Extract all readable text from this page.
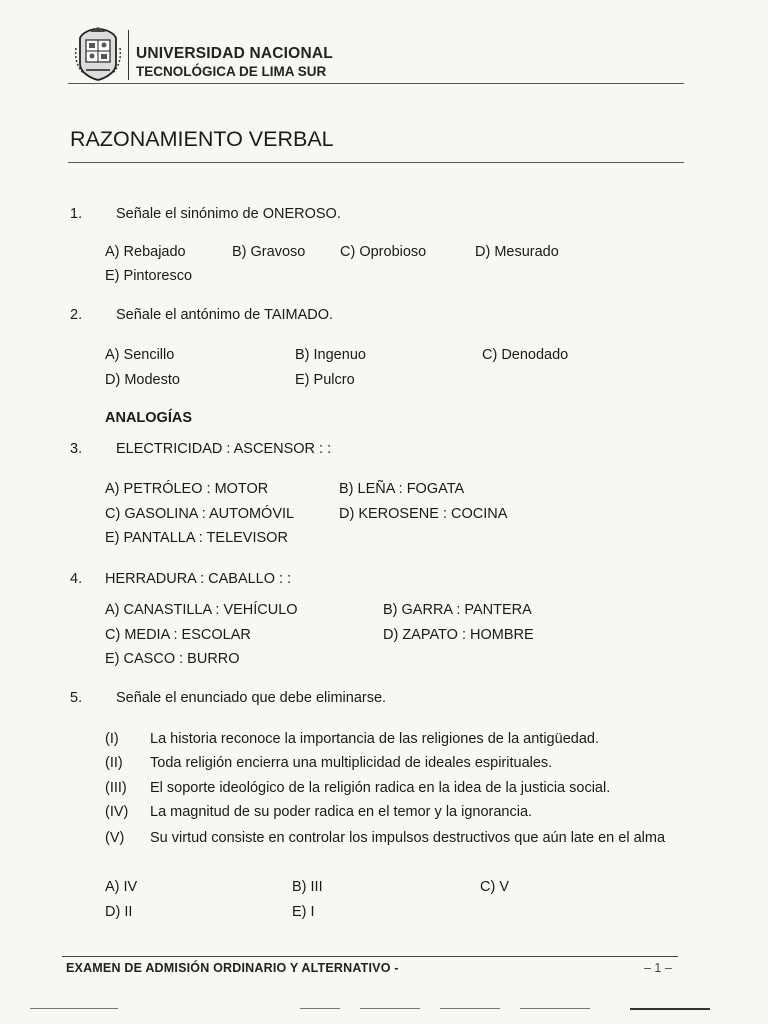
UNIVERSIDAD NACIONAL
TECNOLÓGICA DE LIMA SUR
RAZONAMIENTO VERBAL
1. Señale el sinónimo de ONEROSO.
A) Rebajado	B) Gravoso C) Oprobioso	D) Mesurado
E) Pintoresco
2. Señale el antónimo de TAIMADO.
A) Sencillo	B) Ingenuo	C) Denodado
D) Modesto	E) Pulcro
ANALOGÍAS
3. ELECTRICIDAD : ASCENSOR : :
A) PETRÓLEO : MOTOR	B) LEÑA : FOGATA
C) GASOLINA : AUTOMÓVIL	D) KEROSENE : COCINA
E) PANTALLA : TELEVISOR
4. HERRADURA : CABALLO : :
A) CANASTILLA : VEHÍCULO	B) GARRA : PANTERA
C) MEDIA : ESCOLAR	D) ZAPATO : HOMBRE
E) CASCO : BURRO
5. Señale el enunciado que debe eliminarse.
(I) La historia reconoce la importancia de las religiones de la antigüedad.
(II) Toda religión encierra una multiplicidad de ideales espirituales.
(III) El soporte ideológico de la religión radica en la idea de la justicia social.
(IV) La magnitud de su poder radica en el temor y la ignorancia.
(V) Su virtud consiste en controlar los impulsos destructivos que aún late en el alma
A) IV	B) III	C) V
D) II	E) I
EXAMEN DE ADMISIÓN ORDINARIO Y ALTERNATIVO -	– 1 –
